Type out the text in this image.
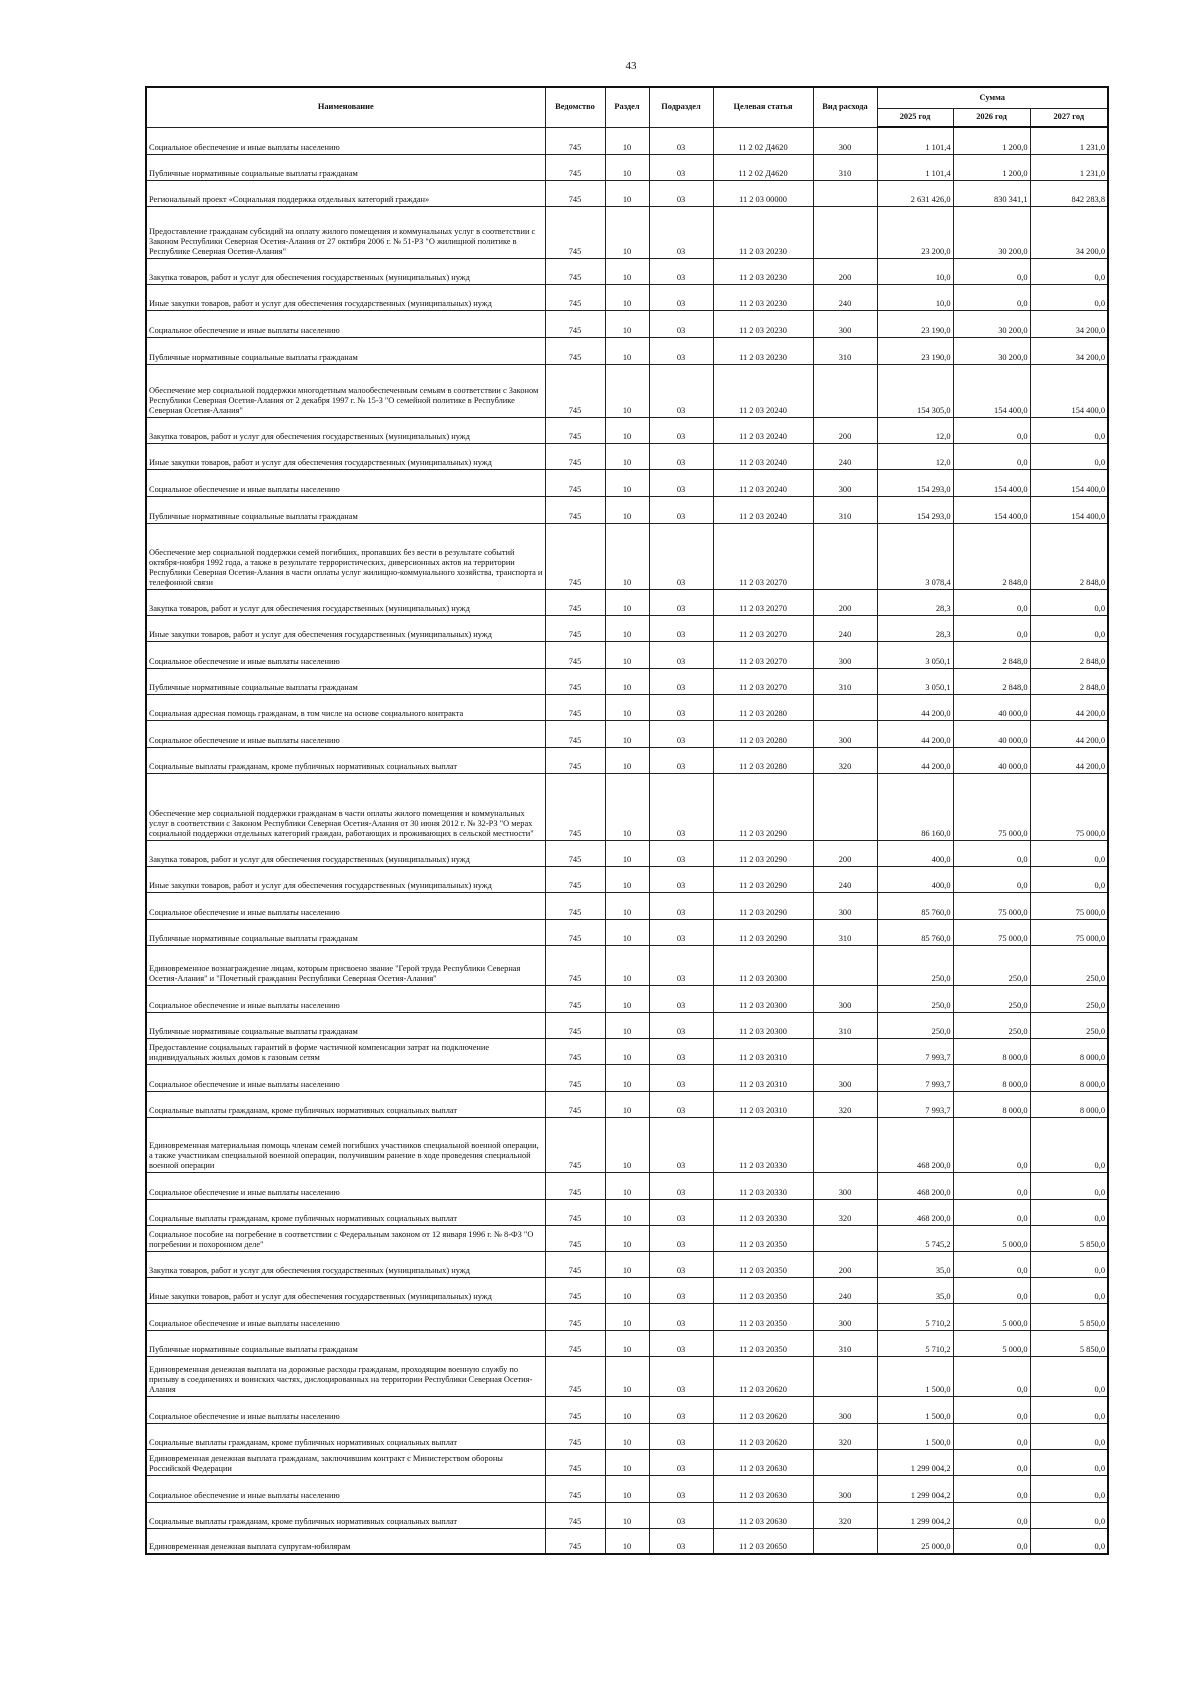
43
Наименование	Ведомство	Раздел	Подраздел	Целевая статья	Вид расхода	Сумма		
						2025 год	2026 год	2027 год
Социальное обеспечение и иные выплаты населению	745	10	03	11 2 02 Д4620	300	1 101,4	1 200,0	1 231,0
Публичные нормативные социальные выплаты гражданам	745	10	03	11 2 02 Д4620	310	1 101,4	1 200,0	1 231,0
Региональный проект «Социальная поддержка отдельных категорий граждан»	745	10	03	11 2 03 00000		2 631 426,0	830 341,1	842 283,8
Предоставление гражданам субсидий на оплату жилого помещения и коммунальных услуг в соответствии с Законом Республики Северная Осетия-Алания от 27 октября 2006 г. № 51-РЗ "О жилищной политике в Республике Северная Осетия-Алания"	745	10	03	11 2 03 20230		23 200,0	30 200,0	34 200,0
Закупка товаров, работ и услуг для обеспечения государственных (муниципальных) нужд	745	10	03	11 2 03 20230	200	10,0	0,0	0,0
Иные закупки товаров, работ и услуг для обеспечения государственных (муниципальных) нужд	745	10	03	11 2 03 20230	240	10,0	0,0	0,0
Социальное обеспечение и иные выплаты населению	745	10	03	11 2 03 20230	300	23 190,0	30 200,0	34 200,0
Публичные нормативные социальные выплаты гражданам	745	10	03	11 2 03 20230	310	23 190,0	30 200,0	34 200,0
Обеспечение мер социальной поддержки многодетным малообеспеченным семьям в соответствии с Законом Республики Северная Осетия-Алания от 2 декабря 1997 г. № 15-З "О семейной политике в Республике Северная Осетия-Алания"	745	10	03	11 2 03 20240		154 305,0	154 400,0	154 400,0
Закупка товаров, работ и услуг для обеспечения государственных (муниципальных) нужд	745	10	03	11 2 03 20240	200	12,0	0,0	0,0
Иные закупки товаров, работ и услуг для обеспечения государственных (муниципальных) нужд	745	10	03	11 2 03 20240	240	12,0	0,0	0,0
Социальное обеспечение и иные выплаты населению	745	10	03	11 2 03 20240	300	154 293,0	154 400,0	154 400,0
Публичные нормативные социальные выплаты гражданам	745	10	03	11 2 03 20240	310	154 293,0	154 400,0	154 400,0
Обеспечение мер социальной поддержки семей погибших, пропавших без вести в результате событий октября-ноября 1992 года, а также в результате террористических, диверсионных актов на территории Республики Северная Осетия-Алания в части оплаты услуг жилищно-коммунального хозяйства, транспорта и телефонной связи	745	10	03	11 2 03 20270		3 078,4	2 848,0	2 848,0
Закупка товаров, работ и услуг для обеспечения государственных (муниципальных) нужд	745	10	03	11 2 03 20270	200	28,3	0,0	0,0
Иные закупки товаров, работ и услуг для обеспечения государственных (муниципальных) нужд	745	10	03	11 2 03 20270	240	28,3	0,0	0,0
Социальное обеспечение и иные выплаты населению	745	10	03	11 2 03 20270	300	3 050,1	2 848,0	2 848,0
Публичные нормативные социальные выплаты гражданам	745	10	03	11 2 03 20270	310	3 050,1	2 848,0	2 848,0
Социальная адресная помощь гражданам, в том числе на основе социального контракта	745	10	03	11 2 03 20280		44 200,0	40 000,0	44 200,0
Социальное обеспечение и иные выплаты населению	745	10	03	11 2 03 20280	300	44 200,0	40 000,0	44 200,0
Социальные выплаты гражданам, кроме публичных нормативных социальных выплат	745	10	03	11 2 03 20280	320	44 200,0	40 000,0	44 200,0
Обеспечение мер социальной поддержки гражданам в части оплаты жилого помещения и коммунальных услуг в соответствии с Законом Республики Северная Осетия-Алания от 30 июня 2012 г. № 32-РЗ "О мерах социальной поддержки отдельных категорий граждан, работающих и проживающих в сельской местности"	745	10	03	11 2 03 20290		86 160,0	75 000,0	75 000,0
Закупка товаров, работ и услуг для обеспечения государственных (муниципальных) нужд	745	10	03	11 2 03 20290	200	400,0	0,0	0,0
Иные закупки товаров, работ и услуг для обеспечения государственных (муниципальных) нужд	745	10	03	11 2 03 20290	240	400,0	0,0	0,0
Социальное обеспечение и иные выплаты населению	745	10	03	11 2 03 20290	300	85 760,0	75 000,0	75 000,0
Публичные нормативные социальные выплаты гражданам	745	10	03	11 2 03 20290	310	85 760,0	75 000,0	75 000,0
Единовременное вознаграждение лицам, которым присвоено звание "Герой труда Республики Северная Осетия-Алания" и "Почетный гражданин Республики Северная Осетия-Алания"	745	10	03	11 2 03 20300		250,0	250,0	250,0
Социальное обеспечение и иные выплаты населению	745	10	03	11 2 03 20300	300	250,0	250,0	250,0
Публичные нормативные социальные выплаты гражданам	745	10	03	11 2 03 20300	310	250,0	250,0	250,0
Предоставление социальных гарантий в форме частичной компенсации затрат на подключение индивидуальных жилых домов к газовым сетям	745	10	03	11 2 03 20310		7 993,7	8 000,0	8 000,0
Социальное обеспечение и иные выплаты населению	745	10	03	11 2 03 20310	300	7 993,7	8 000,0	8 000,0
Социальные выплаты гражданам, кроме публичных нормативных социальных выплат	745	10	03	11 2 03 20310	320	7 993,7	8 000,0	8 000,0
Единовременная материальная помощь членам семей погибших участников специальной военной операции, а также участникам специальной военной операции, получившим ранение в ходе проведения специальной военной операции	745	10	03	11 2 03 20330		468 200,0	0,0	0,0
Социальное обеспечение и иные выплаты населению	745	10	03	11 2 03 20330	300	468 200,0	0,0	0,0
Социальные выплаты гражданам, кроме публичных нормативных социальных выплат	745	10	03	11 2 03 20330	320	468 200,0	0,0	0,0
Социальное пособие на погребение в соответствии с Федеральным законом от 12 января 1996 г. № 8-ФЗ "О погребении и похоронном деле"	745	10	03	11 2 03 20350		5 745,2	5 000,0	5 850,0
Закупка товаров, работ и услуг для обеспечения государственных (муниципальных) нужд	745	10	03	11 2 03 20350	200	35,0	0,0	0,0
Иные закупки товаров, работ и услуг для обеспечения государственных (муниципальных) нужд	745	10	03	11 2 03 20350	240	35,0	0,0	0,0
Социальное обеспечение и иные выплаты населению	745	10	03	11 2 03 20350	300	5 710,2	5 000,0	5 850,0
Публичные нормативные социальные выплаты гражданам	745	10	03	11 2 03 20350	310	5 710,2	5 000,0	5 850,0
Единовременная денежная выплата на дорожные расходы гражданам, проходящим военную службу по призыву в соединениях и воинских частях, дислоцированных на территории Республики Северная Осетия-Алания	745	10	03	11 2 03 20620		1 500,0	0,0	0,0
Социальное обеспечение и иные выплаты населению	745	10	03	11 2 03 20620	300	1 500,0	0,0	0,0
Социальные выплаты гражданам, кроме публичных нормативных социальных выплат	745	10	03	11 2 03 20620	320	1 500,0	0,0	0,0
Единовременная денежная выплата гражданам, заключившим контракт с Министерством обороны Российской Федерации	745	10	03	11 2 03 20630		1 299 004,2	0,0	0,0
Социальное обеспечение и иные выплаты населению	745	10	03	11 2 03 20630	300	1 299 004,2	0,0	0,0
Социальные выплаты гражданам, кроме публичных нормативных социальных выплат	745	10	03	11 2 03 20630	320	1 299 004,2	0,0	0,0
Единовременная денежная выплата супругам-юбилярам	745	10	03	11 2 03 20650		25 000,0	0,0	0,0
